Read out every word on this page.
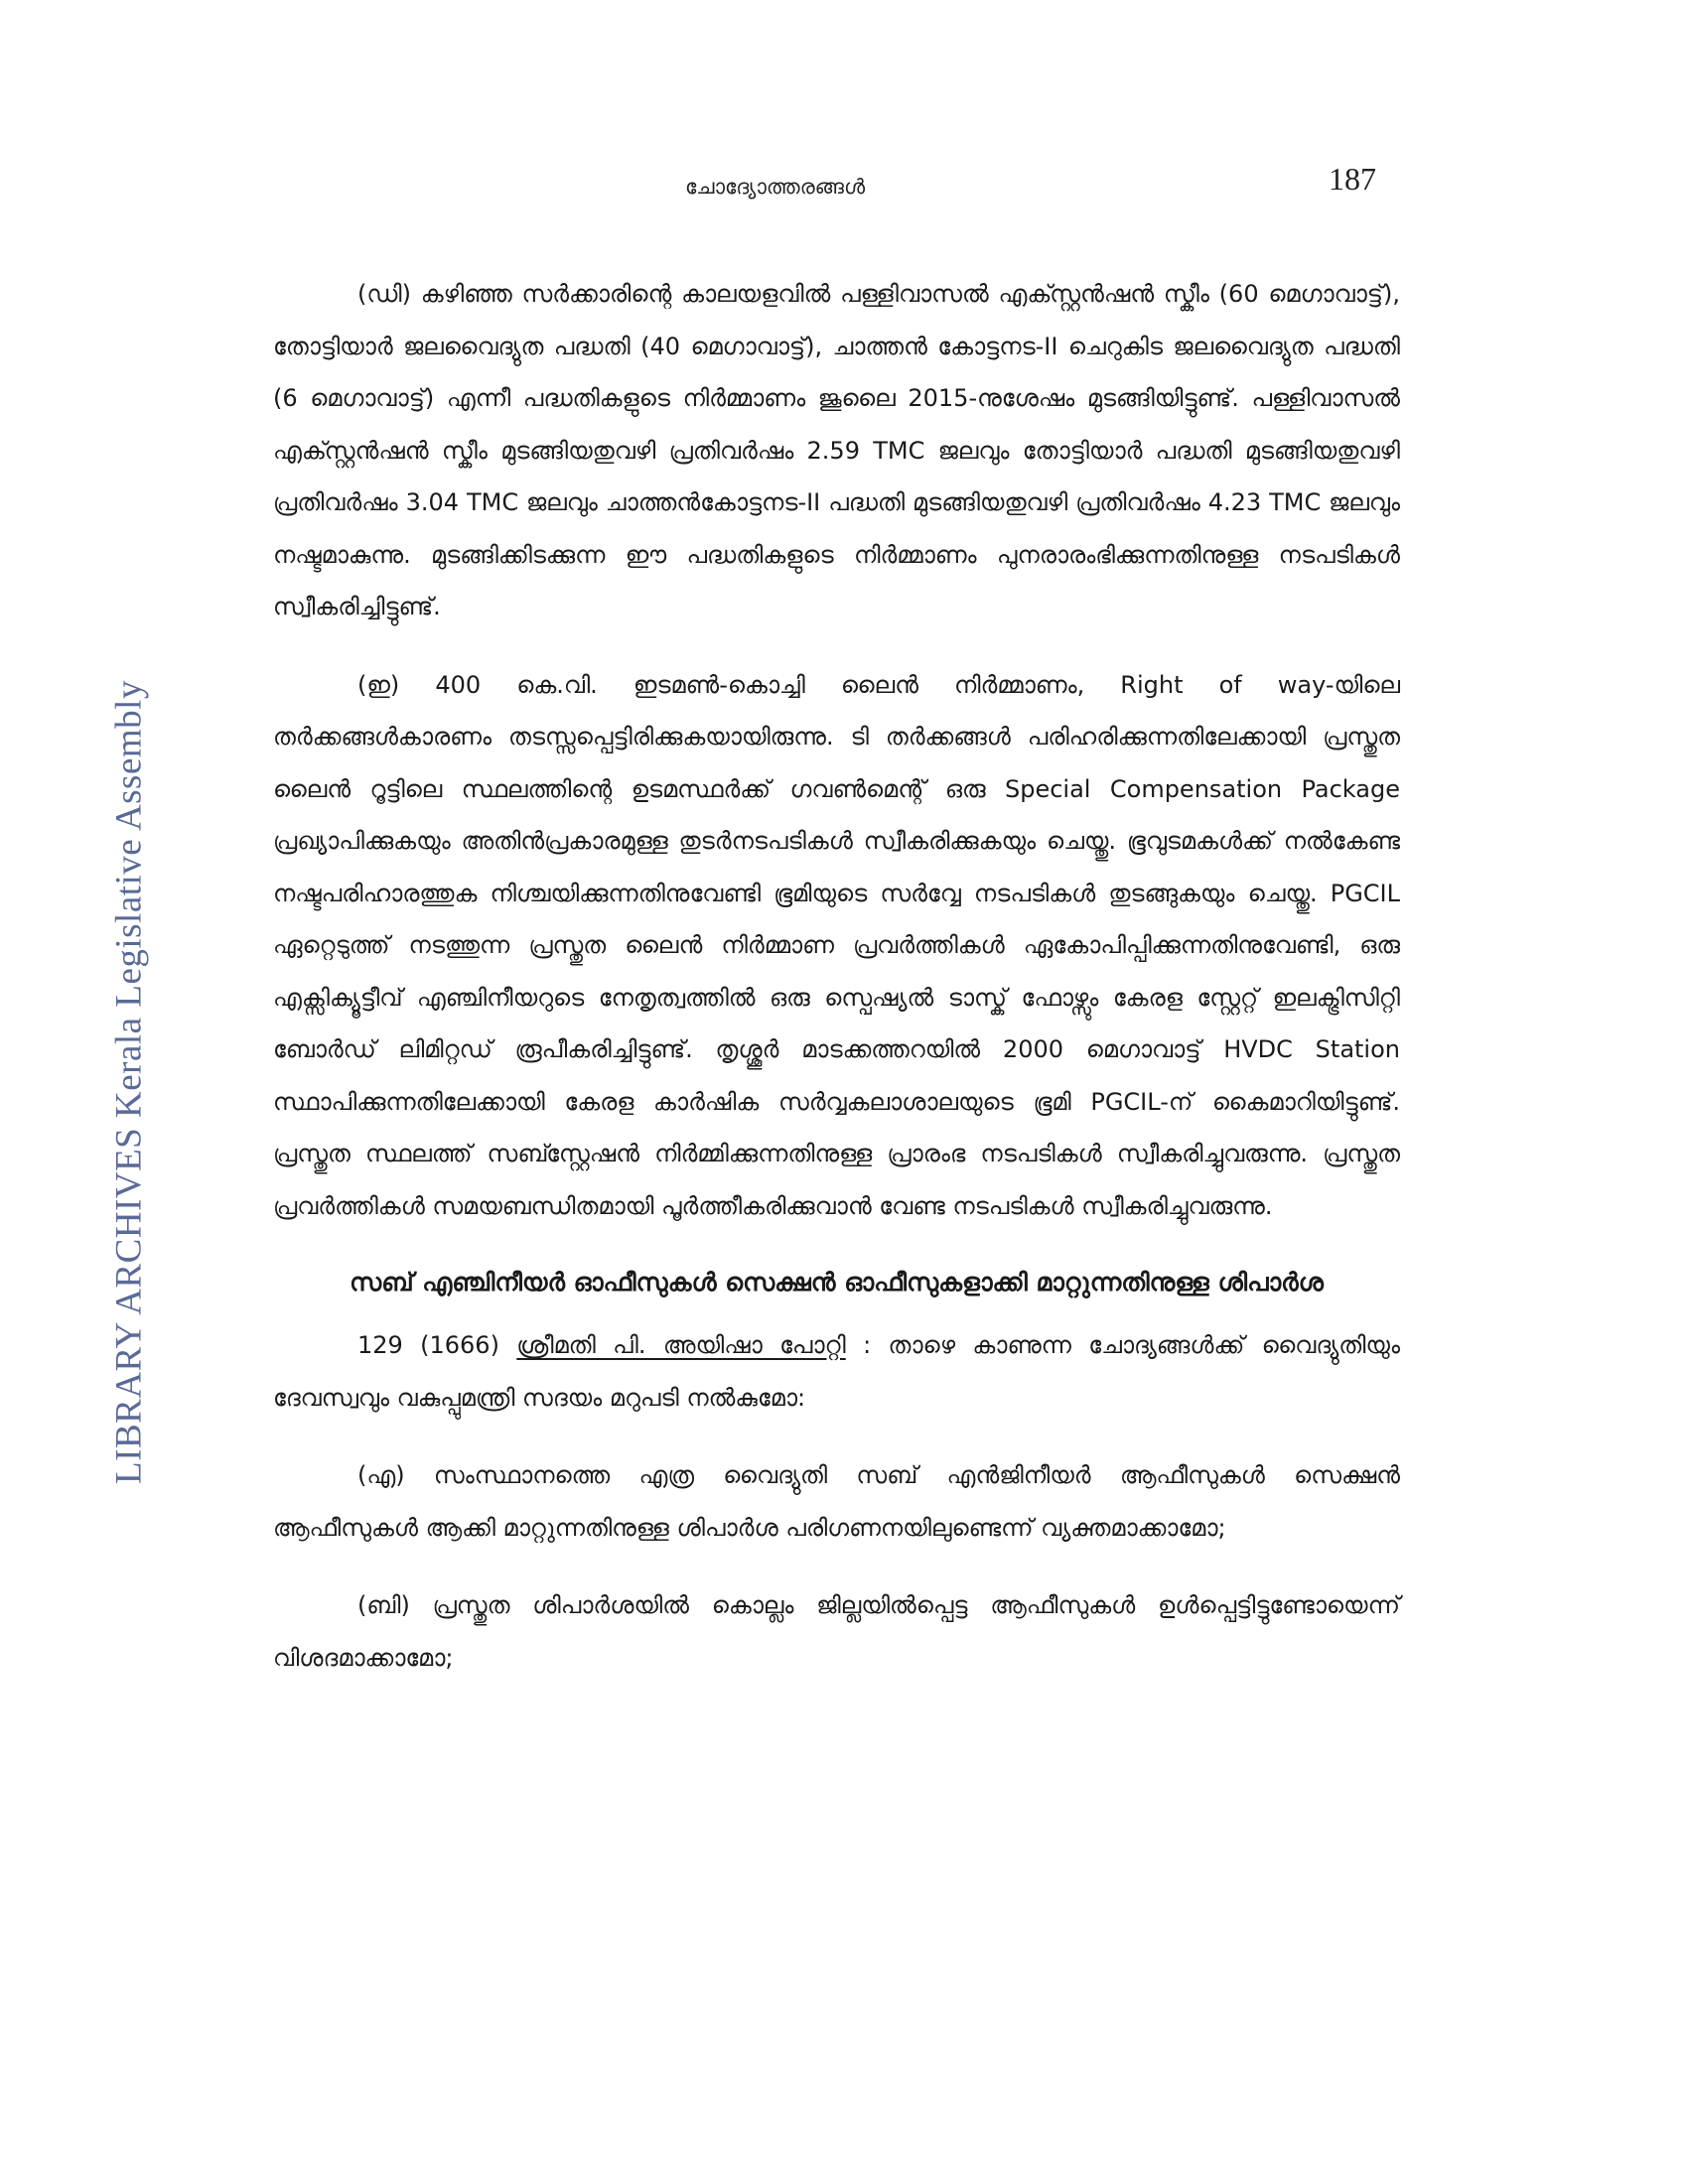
LIBRARY ARCHIVES Kerala Legislative Assembly
ചോദ്യോത്തരങ്ങൾ	187

(ഡി) കഴിഞ്ഞ സർക്കാരിന്റെ കാലയളവിൽ പള്ളിവാസൽ എക്സ്റ്റൻഷൻ സ്കീം (60 മെഗാവാട്ട്), തോട്ടിയാർ ജലവൈദ്യുത പദ്ധതി (40 മെഗാവാട്ട്), ചാത്തൻ കോട്ടനട-II ചെറുകിട ജലവൈദ്യുത പദ്ധതി (6 മെഗാവാട്ട്) എന്നീ പദ്ധതികളുടെ നിർമ്മാണം ജൂലൈ 2015-നുശേഷം മുടങ്ങിയിട്ടുണ്ട്. പള്ളിവാസൽ എക്സ്റ്റൻഷൻ സ്കീം മുടങ്ങിയതുവഴി പ്രതിവർഷം 2.59 TMC ജലവും തോട്ടിയാർ പദ്ധതി മുടങ്ങിയതുവഴി പ്രതിവർഷം 3.04 TMC ജലവും ചാത്തൻകോട്ടനട-II പദ്ധതി മുടങ്ങിയതുവഴി പ്രതിവർഷം 4.23 TMC ജലവും നഷ്ടമാകുന്നു. മുടങ്ങിക്കിടക്കുന്ന ഈ പദ്ധതികളുടെ നിർമ്മാണം പുനരാരംഭിക്കുന്നതിനുള്ള നടപടികൾ സ്വീകരിച്ചിട്ടുണ്ട്.

(ഇ) 400 കെ.വി. ഇടമൺ-കൊച്ചി ലൈൻ നിർമ്മാണം, Right of way-യിലെ തർക്കങ്ങൾകാരണം തടസ്സപ്പെട്ടിരിക്കുകയായിരുന്നു. ടി തർക്കങ്ങൾ പരിഹരിക്കുന്നതിലേക്കായി പ്രസ്തുത ലൈൻ റൂട്ടിലെ സ്ഥലത്തിന്റെ ഉടമസ്ഥർക്ക് ഗവൺമെന്റ് ഒരു Special Compensation Package പ്രഖ്യാപിക്കുകയും അതിൻപ്രകാരമുള്ള തുടർനടപടികൾ സ്വീകരിക്കുകയും ചെയ്തു. ഭൂവുടമകൾക്ക് നൽകേണ്ട നഷ്ടപരിഹാരത്തുക നിശ്ചയിക്കുന്നതിനുവേണ്ടി ഭൂമിയുടെ സർവ്വേ നടപടികൾ തുടങ്ങുകയും ചെയ്തു. PGCIL ഏറ്റെടുത്ത് നടത്തുന്ന പ്രസ്തുത ലൈൻ നിർമ്മാണ പ്രവർത്തികൾ ഏകോപിപ്പിക്കുന്നതിനുവേണ്ടി, ഒരു എക്സിക്യൂട്ടീവ് എഞ്ചിനീയറുടെ നേതൃത്വത്തിൽ ഒരു സ്പെഷ്യൽ ടാസ്ക് ഫോഴ്സും കേരള സ്റ്റേറ്റ് ഇലക്ട്രിസിറ്റി ബോർഡ് ലിമിറ്റഡ് രൂപീകരിച്ചിട്ടുണ്ട്. തൃശ്ശൂർ മാടക്കത്തറയിൽ 2000 മെഗാവാട്ട് HVDC Station സ്ഥാപിക്കുന്നതിലേക്കായി കേരള കാർഷിക സർവ്വകലാശാലയുടെ ഭൂമി PGCIL-ന് കൈമാറിയിട്ടുണ്ട്. പ്രസ്തുത സ്ഥലത്ത് സബ്സ്റ്റേഷൻ നിർമ്മിക്കുന്നതിനുള്ള പ്രാരംഭ നടപടികൾ സ്വീകരിച്ചുവരുന്നു. പ്രസ്തുത പ്രവർത്തികൾ സമയബന്ധിതമായി പൂർത്തീകരിക്കുവാൻ വേണ്ട നടപടികൾ സ്വീകരിച്ചുവരുന്നു.

സബ് എഞ്ചിനീയർ ഓഫീസുകൾ സെക്ഷൻ ഓഫീസുകളാക്കി മാറ്റുന്നതിനുള്ള ശിപാർശ

129 (1666) ശ്രീമതി പി. അയിഷാ പോറ്റി : താഴെ കാണുന്ന ചോദ്യങ്ങൾക്ക് വൈദ്യുതിയും ദേവസ്വവും വകുപ്പുമന്ത്രി സദയം മറുപടി നൽകുമോ:

(എ) സംസ്ഥാനത്തെ എത്ര വൈദ്യുതി സബ് എൻജിനീയർ ആഫീസുകൾ സെക്ഷൻ ആഫീസുകൾ ആക്കി മാറ്റുന്നതിനുള്ള ശിപാർശ പരിഗണനയിലുണ്ടെന്ന് വ്യക്തമാക്കാമോ;

(ബി) പ്രസ്തുത ശിപാർശയിൽ കൊല്ലം ജില്ലയിൽപ്പെട്ട ആഫീസുകൾ ഉൾപ്പെട്ടിട്ടുണ്ടോയെന്ന് വിശദമാക്കാമോ;
